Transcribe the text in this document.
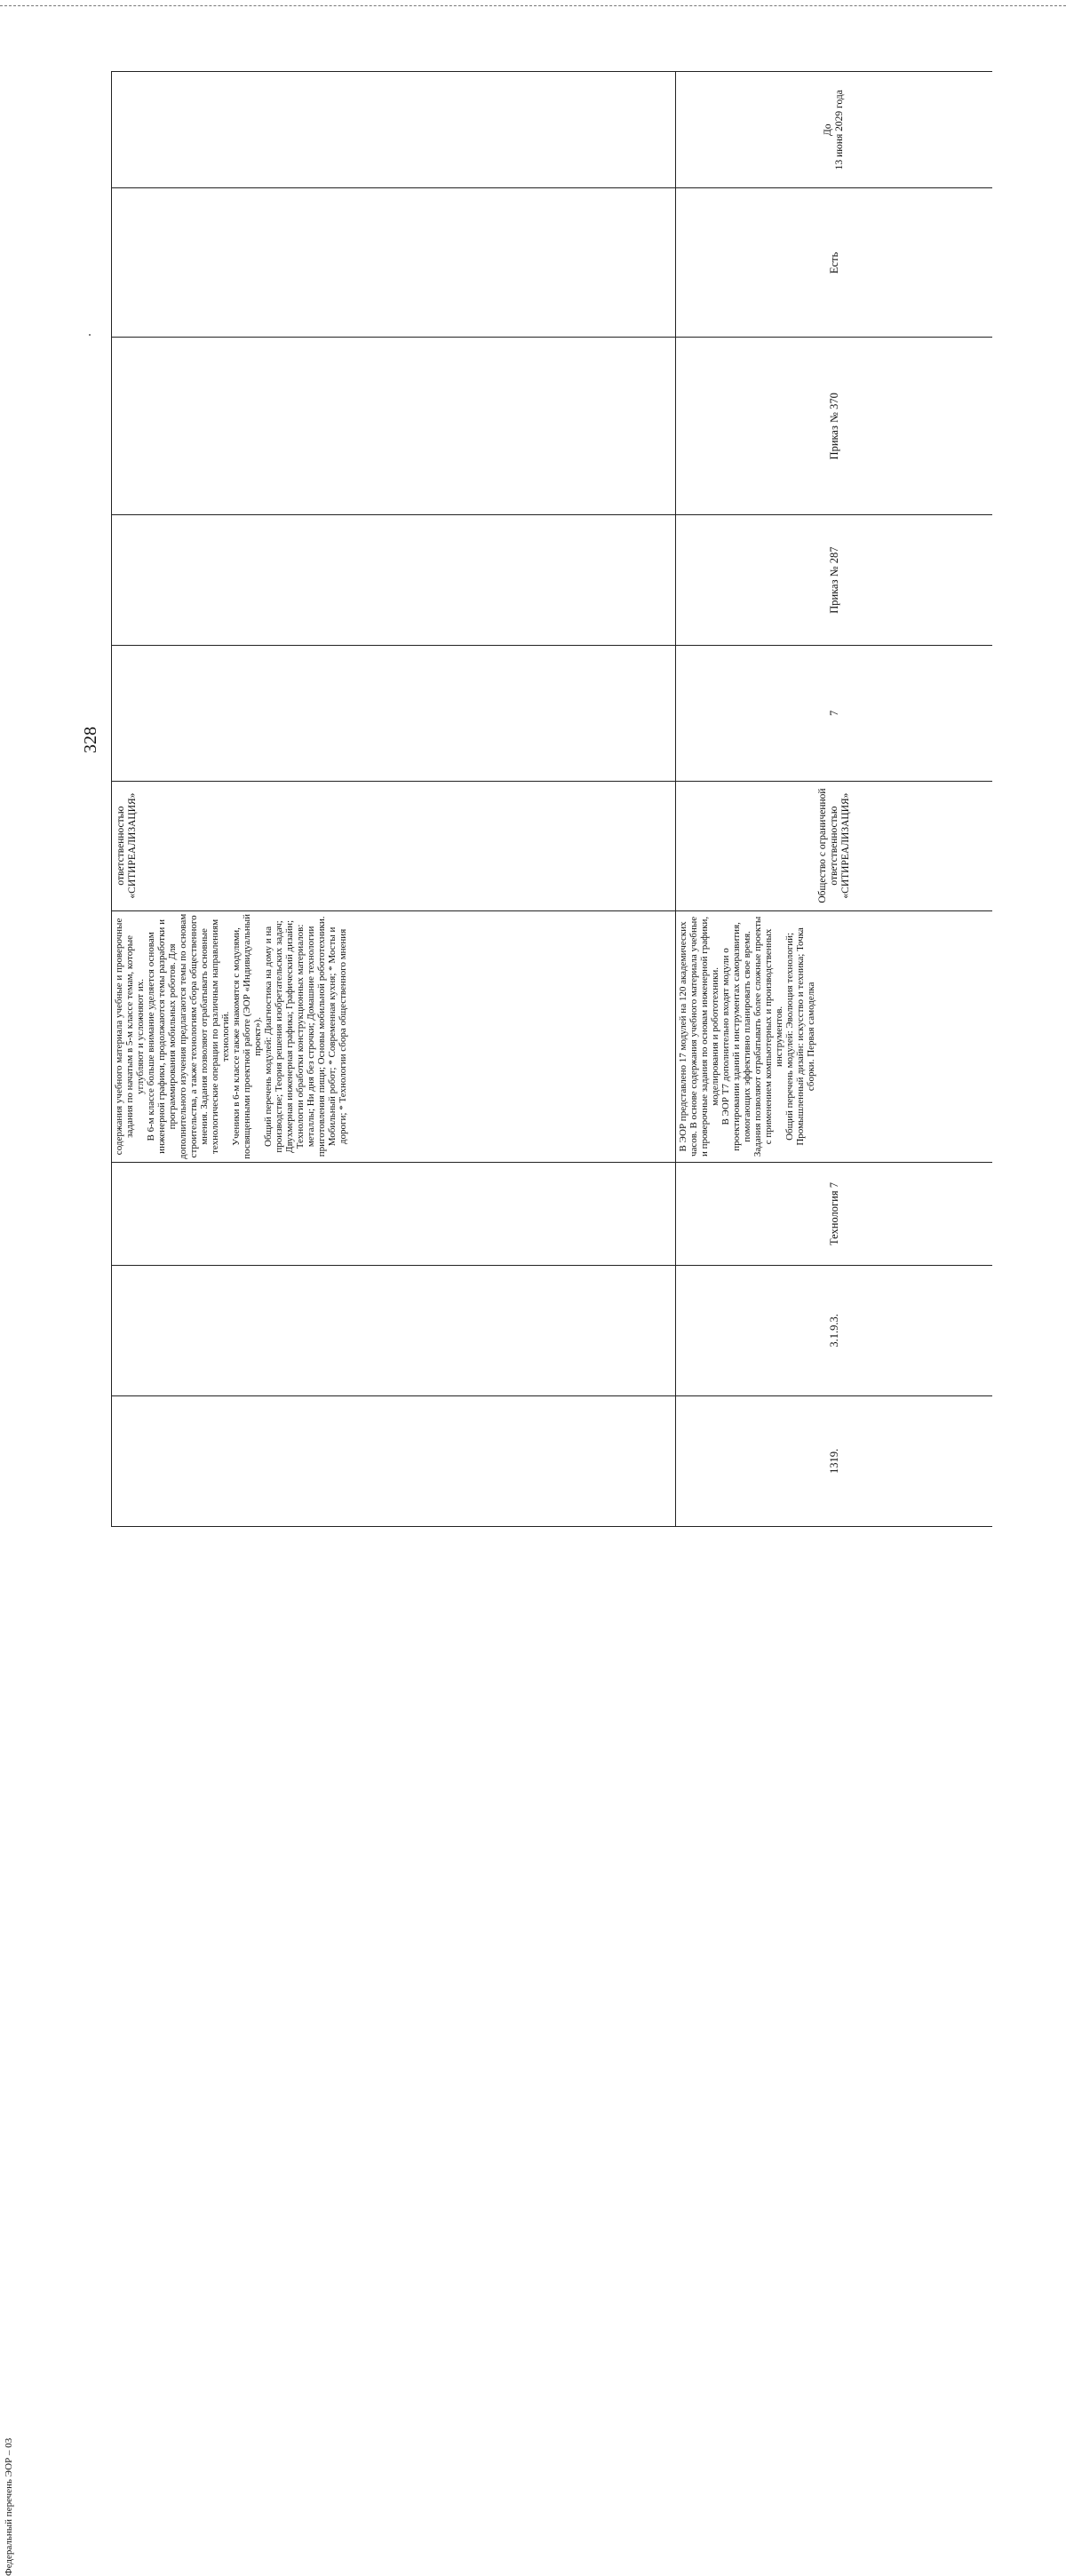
328
			содержания учебного материала учебные и проверочные задания по начатым в 5-м классе темам, которые углубляют и усложняют их.
В 6-м классе больше внимание уделяется основам инженерной графики, продолжаются темы разработки и программирования мобильных роботов. Для дополнительного изучения предлагаются темы по основам строительства, а также технологиям сбора общественного мнения. Задания позволяют отрабатывать основные технологические операции по различным направлениям технологий.
Ученики в 6-м классе также знакомятся с модулями, посвященными проектной работе (ЭОР «Индивидуальный проект»).
Общий перечень модулей: Диагностика на дому и на производстве; Теория решения изобретательских задач; Двухмерная инженерная графика; Графический дизайн; Технологии обработки конструкционных материалов: металлы; Ни дня без строчки; Домашние технологии приготовления пищи; Основы мобильной робототехники. Мобильный робот; * Современная кухня; * Мосты и дороги; * Технологии сбора общественного мнения	ответственностью «СИТИРЕАЛИЗАЦИЯ»					
1319.	3.1.9.3.	Технология 7	В ЭОР представлено 17 модулей на 120 академических часов. В основе содержания учебного материала учебные и проверочные задания по основам инженерной графики, моделирования и робототехники.
В ЭОР Т7 дополнительно входят модули о проектировании зданий и инструментах саморазвития, помогающих эффективно планировать свое время. Задания позволяют отрабатывать более сложные проекты с применением компьютерных и производственных инструментов.
Общий перечень модулей: Эволюция технологий; Промышленный дизайн: искусство и техника; Точка сборки. Первая самоделка	Общество с ограниченной ответственностью «СИТИРЕАЛИЗАЦИЯ»	7	Приказ № 287	Приказ № 370	Есть	До
13 июня 2029 года
Федеральный перечень ЭОР – 03
